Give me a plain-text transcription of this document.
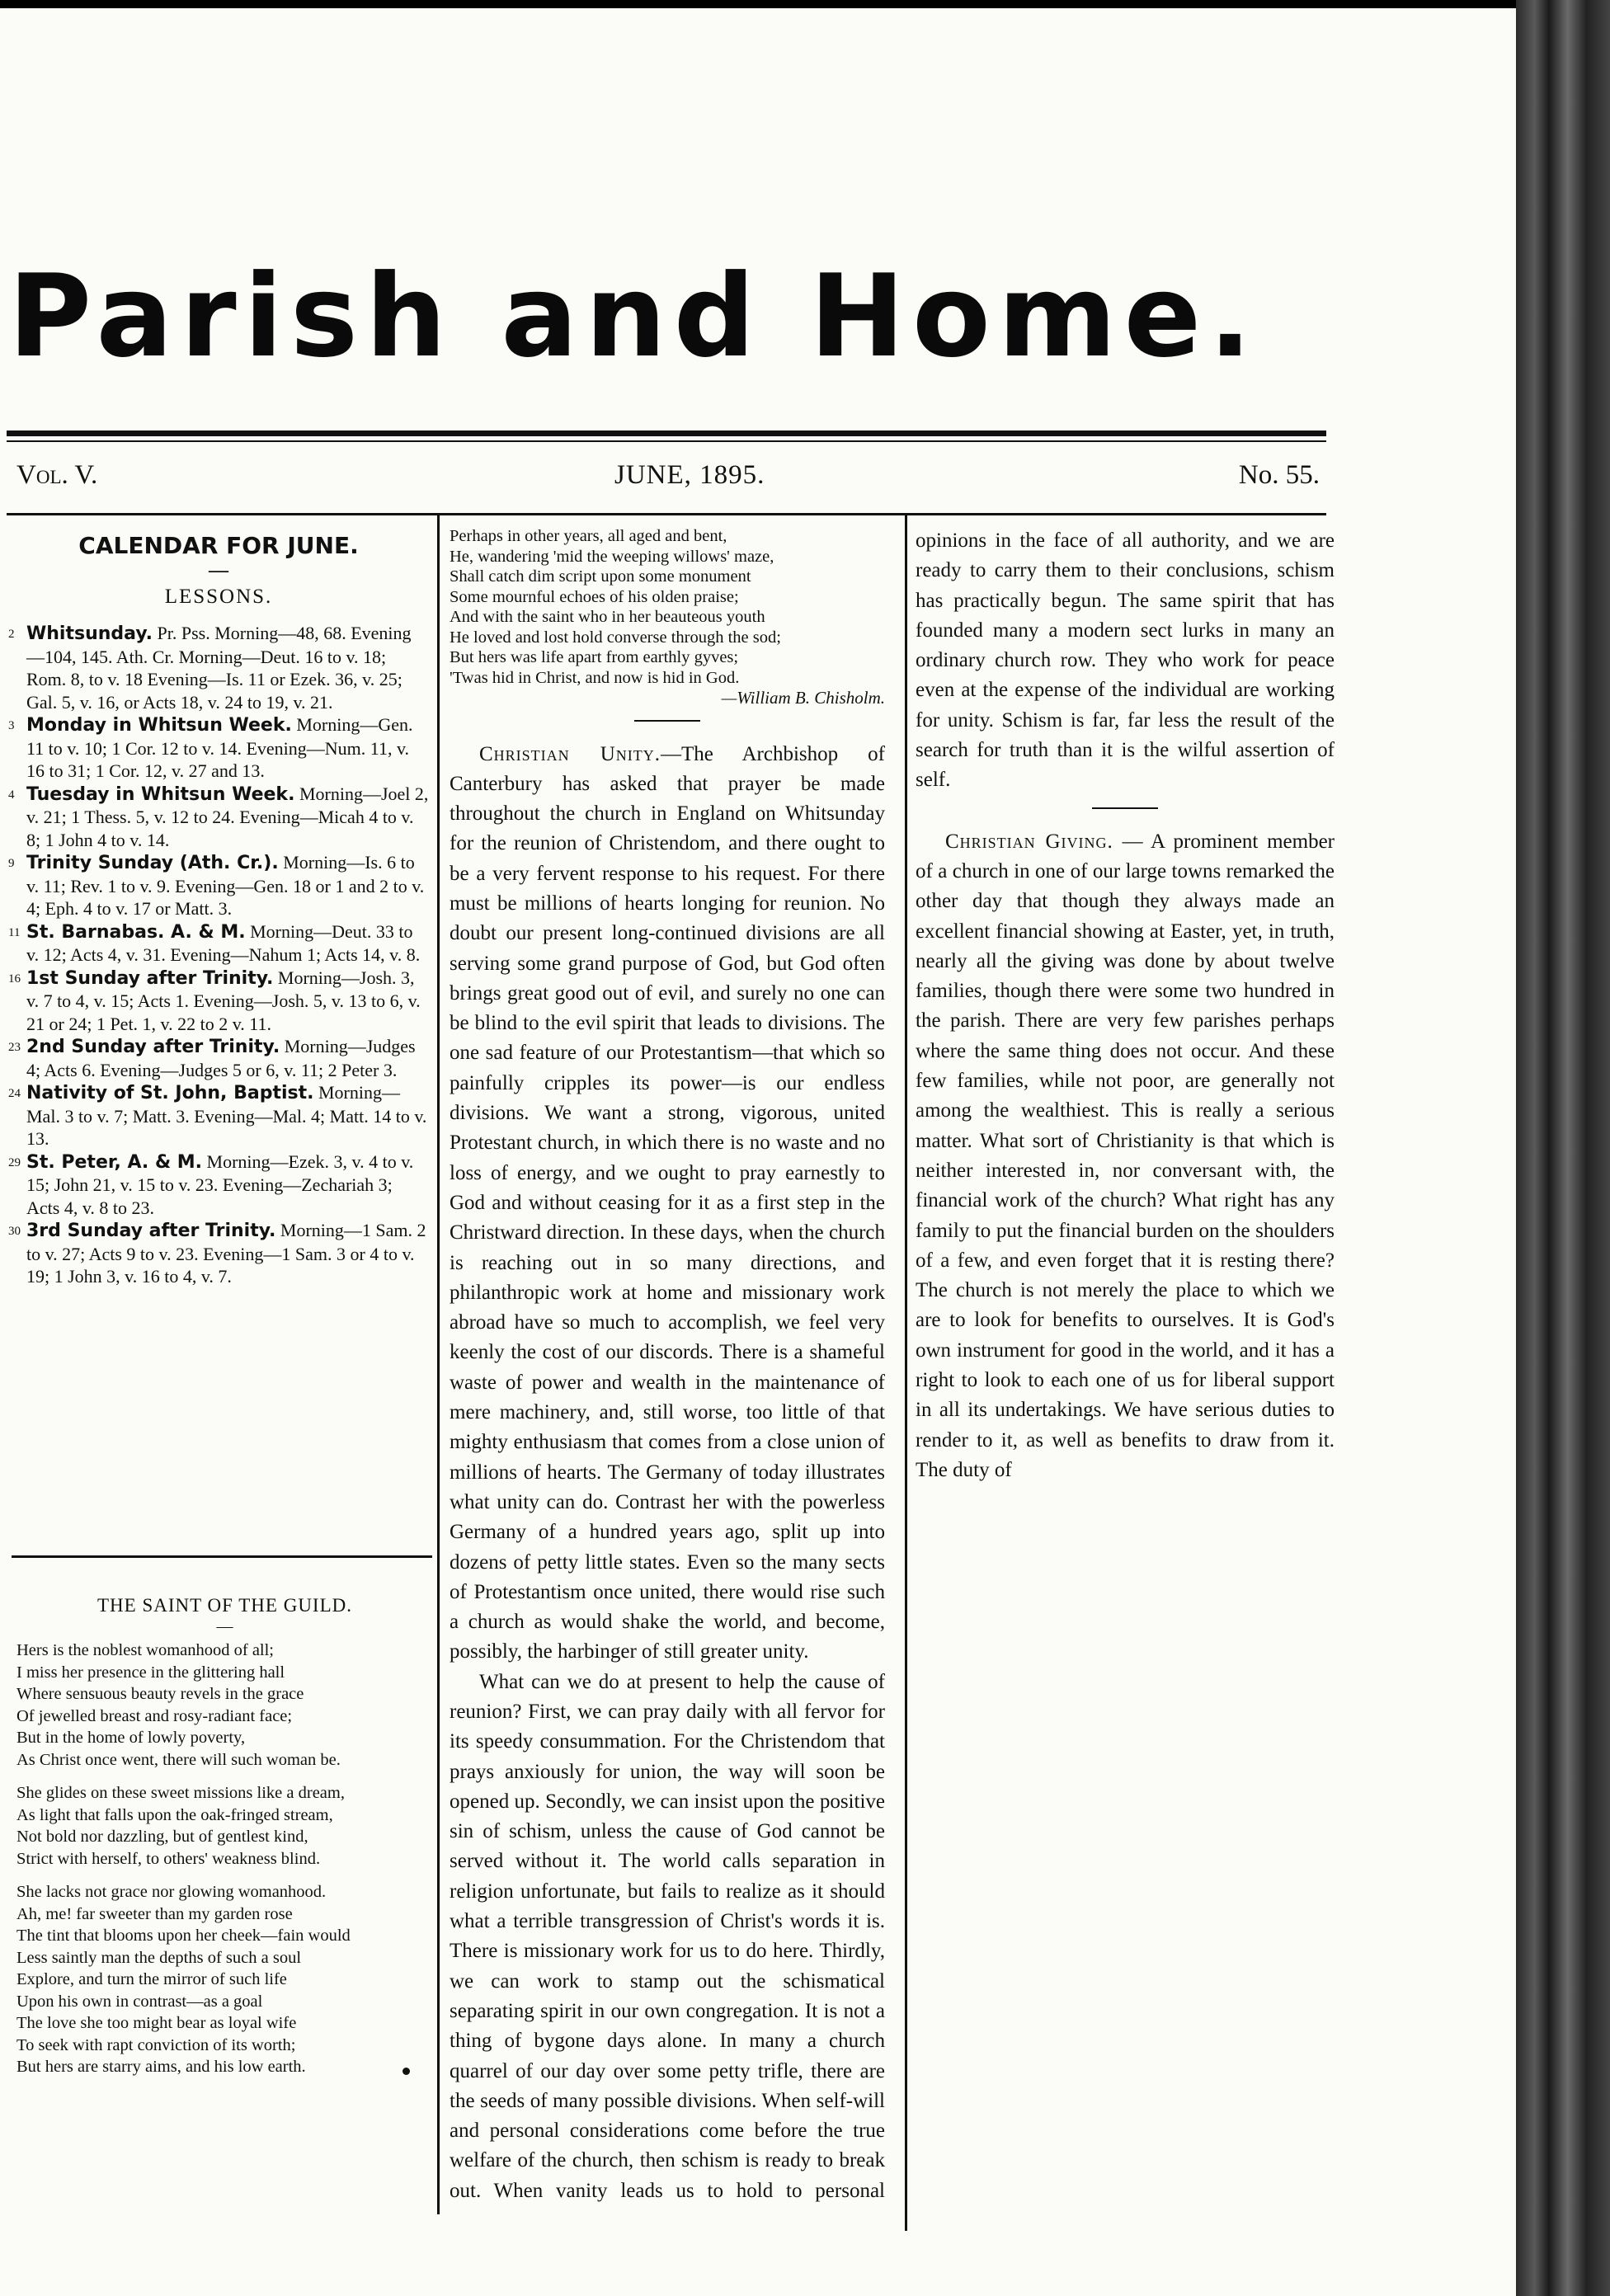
Parish and Home.
Vol. V.	JUNE, 1895.	No. 55.
CALENDAR FOR JUNE.
—
LESSONS.
2 Whitsunday. Pr. Pss. Morning—48, 68. Evening—104, 145. Ath. Cr. Morning—Deut. 16 to v. 18; Rom. 8, to v. 18 Evening—Is. 11 or Ezek. 36, v. 25; Gal. 5, v. 16, or Acts 18, v. 24 to 19, v. 21.
3 Monday in Whitsun Week. Morning—Gen. 11 to v. 10; 1 Cor. 12 to v. 14. Evening—Num. 11, v. 16 to 31; 1 Cor. 12, v. 27 and 13.
4 Tuesday in Whitsun Week. Morning—Joel 2, v. 21; 1 Thess. 5, v. 12 to 24. Evening—Micah 4 to v. 8; 1 John 4 to v. 14.
9 Trinity Sunday (Ath. Cr.). Morning—Is. 6 to v. 11; Rev. 1 to v. 9. Evening—Gen. 18 or 1 and 2 to v. 4; Eph. 4 to v. 17 or Matt. 3.
11 St. Barnabas. A. & M. Morning—Deut. 33 to v. 12; Acts 4, v. 31. Evening—Nahum 1; Acts 14, v. 8.
16 1st Sunday after Trinity. Morning—Josh. 3, v. 7 to 4, v. 15; Acts 1. Evening—Josh. 5, v. 13 to 6, v. 21 or 24; 1 Pet. 1, v. 22 to 2 v. 11.
23 2nd Sunday after Trinity. Morning—Judges 4; Acts 6. Evening—Judges 5 or 6, v. 11; 2 Peter 3.
24 Nativity of St. John, Baptist. Morning—Mal. 3 to v. 7; Matt. 3. Evening—Mal. 4; Matt. 14 to v. 13.
29 St. Peter, A. & M. Morning—Ezek. 3, v. 4 to v. 15; John 21, v. 15 to v. 23. Evening—Zechariah 3; Acts 4, v. 8 to 23.
30 3rd Sunday after Trinity. Morning—1 Sam. 2 to v. 27; Acts 9 to v. 23. Evening—1 Sam. 3 or 4 to v. 19; 1 John 3, v. 16 to 4, v. 7.
THE SAINT OF THE GUILD.
—
Hers is the noblest womanhood of all;
I miss her presence in the glittering hall
Where sensuous beauty revels in the grace
Of jewelled breast and rosy-radiant face;
But in the home of lowly poverty,
As Christ once went, there will such woman be.
She glides on these sweet missions like a dream,
As light that falls upon the oak-fringed stream,
Not bold nor dazzling, but of gentlest kind,
Strict with herself, to others' weakness blind.
She lacks not grace nor glowing womanhood.
Ah, me! far sweeter than my garden rose
The tint that blooms upon her cheek—fain would
Less saintly man the depths of such a soul
Explore, and turn the mirror of such life
Upon his own in contrast—as a goal
The love she too might bear as loyal wife
To seek with rapt conviction of its worth;
But hers are starry aims, and his low earth.
Perhaps in other years, all aged and bent,
He, wandering 'mid the weeping willows' maze,
Shall catch dim script upon some monument
Some mournful echoes of his olden praise;
And with the saint who in her beauteous youth
He loved and lost hold converse through the sod;
But hers was life apart from earthly gyves;
'Twas hid in Christ, and now is hid in God.
—William B. Chisholm.

Christian Unity.—The Archbishop of Canterbury has asked that prayer be made throughout the church in England on Whitsunday for the reunion of Christendom, and there ought to be a very fervent response to his request. For there must be millions of hearts longing for reunion. No doubt our present long-continued divisions are all serving some grand purpose of God, but God often brings great good out of evil, and surely no one can be blind to the evil spirit that leads to divisions. The one sad feature of our Protestantism—that which so painfully cripples its power—is our endless divisions. We want a strong, vigorous, united Protestant church, in which there is no waste and no loss of energy, and we ought to pray earnestly to God and without ceasing for it as a first step in the Christward direction. In these days, when the church is reaching out in so many directions, and philanthropic work at home and missionary work abroad have so much to accomplish, we feel very keenly the cost of our discords. There is a shameful waste of power and wealth in the maintenance of mere machinery, and, still worse, too little of that mighty enthusiasm that comes from a close union of millions of hearts. The Germany of today illustrates what unity can do. Contrast her with the powerless Germany of a hundred years ago, split up into dozens of petty little states. Even so the many sects of Protestantism once united, there would rise such a church as would shake the world, and become, possibly, the harbinger of still greater unity.

What can we do at present to help the cause of reunion? First, we can pray daily with all fervor for its speedy consummation. For the Christendom that prays anxiously for union, the way will soon be opened up. Secondly, we can insist upon the positive sin of schism, unless the cause of God cannot be served without it. The world calls separation in religion unfortunate, but fails to realize as it should what a terrible transgression of Christ's words it is. There is missionary work for us to do here. Thirdly, we can work to stamp out the schismatical separating spirit in our own congregation. It is not a thing of bygone days alone. In many a church quarrel of our day over some petty trifle, there are the seeds of many possible divisions. When self-will and personal considerations come before the true welfare of the church, then schism is ready to break out. When vanity leads us to hold to personal

opinions in the face of all authority, and we are ready to carry them to their conclusions, schism has practically begun. The same spirit that has founded many a modern sect lurks in many an ordinary church row. They who work for peace even at the expense of the individual are working for unity. Schism is far, far less the result of the search for truth than it is the wilful assertion of self.

Christian Giving. — A prominent member of a church in one of our large towns remarked the other day that though they always made an excellent financial showing at Easter, yet, in truth, nearly all the giving was done by about twelve families, though there were some two hundred in the parish. There are very few parishes perhaps where the same thing does not occur. And these few families, while not poor, are generally not among the wealthiest. This is really a serious matter. What sort of Christianity is that which is neither interested in, nor conversant with, the financial work of the church? What right has any family to put the financial burden on the shoulders of a few, and even forget that it is resting there? The church is not merely the place to which we are to look for benefits to ourselves. It is God's own instrument for good in the world, and it has a right to look to each one of us for liberal support in all its undertakings. We have serious duties to render to it, as well as benefits to draw from it. The duty of
